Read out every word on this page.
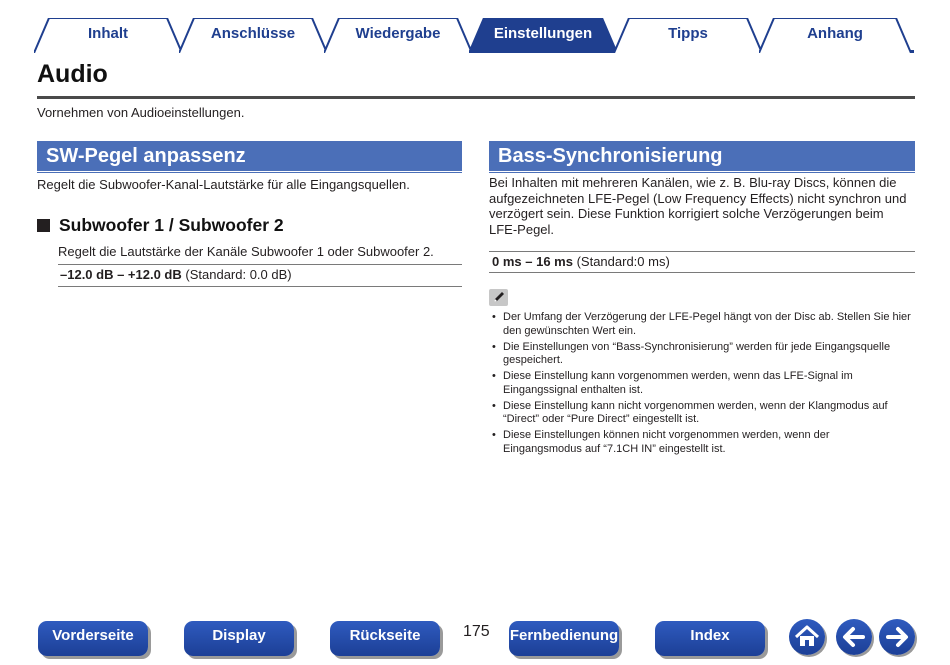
Inhalt	Anschlüsse	Wiedergabe	Einstellungen	Tipps	Anhang
Audio
Vornehmen von Audioeinstellungen.
SW-Pegel anpassenz
Regelt die Subwoofer-Kanal-Lautstärke für alle Eingangsquellen.
Subwoofer 1 / Subwoofer 2
Regelt die Lautstärke der Kanäle Subwoofer 1 oder Subwoofer 2.
–12.0 dB – +12.0 dB (Standard: 0.0 dB)
Bass-Synchronisierung
Bei Inhalten mit mehreren Kanälen, wie z. B. Blu-ray Discs, können die aufgezeichneten LFE-Pegel (Low Frequency Effects) nicht synchron und verzögert sein. Diese Funktion korrigiert solche Verzögerungen beim LFE-Pegel.
0 ms – 16 ms (Standard:0 ms)
• Der Umfang der Verzögerung der LFE-Pegel hängt von der Disc ab. Stellen Sie hier den gewünschten Wert ein.
• Die Einstellungen von “Bass-Synchronisierung” werden für jede Eingangsquelle gespeichert.
• Diese Einstellung kann vorgenommen werden, wenn das LFE-Signal im Eingangssignal enthalten ist.
• Diese Einstellung kann nicht vorgenommen werden, wenn der Klangmodus auf “Direct” oder “Pure Direct” eingestellt ist.
• Diese Einstellungen können nicht vorgenommen werden, wenn der Eingangsmodus auf “7.1CH IN” eingestellt ist.
Vorderseite	Display	Rückseite	175 Fernbedienung	Index
